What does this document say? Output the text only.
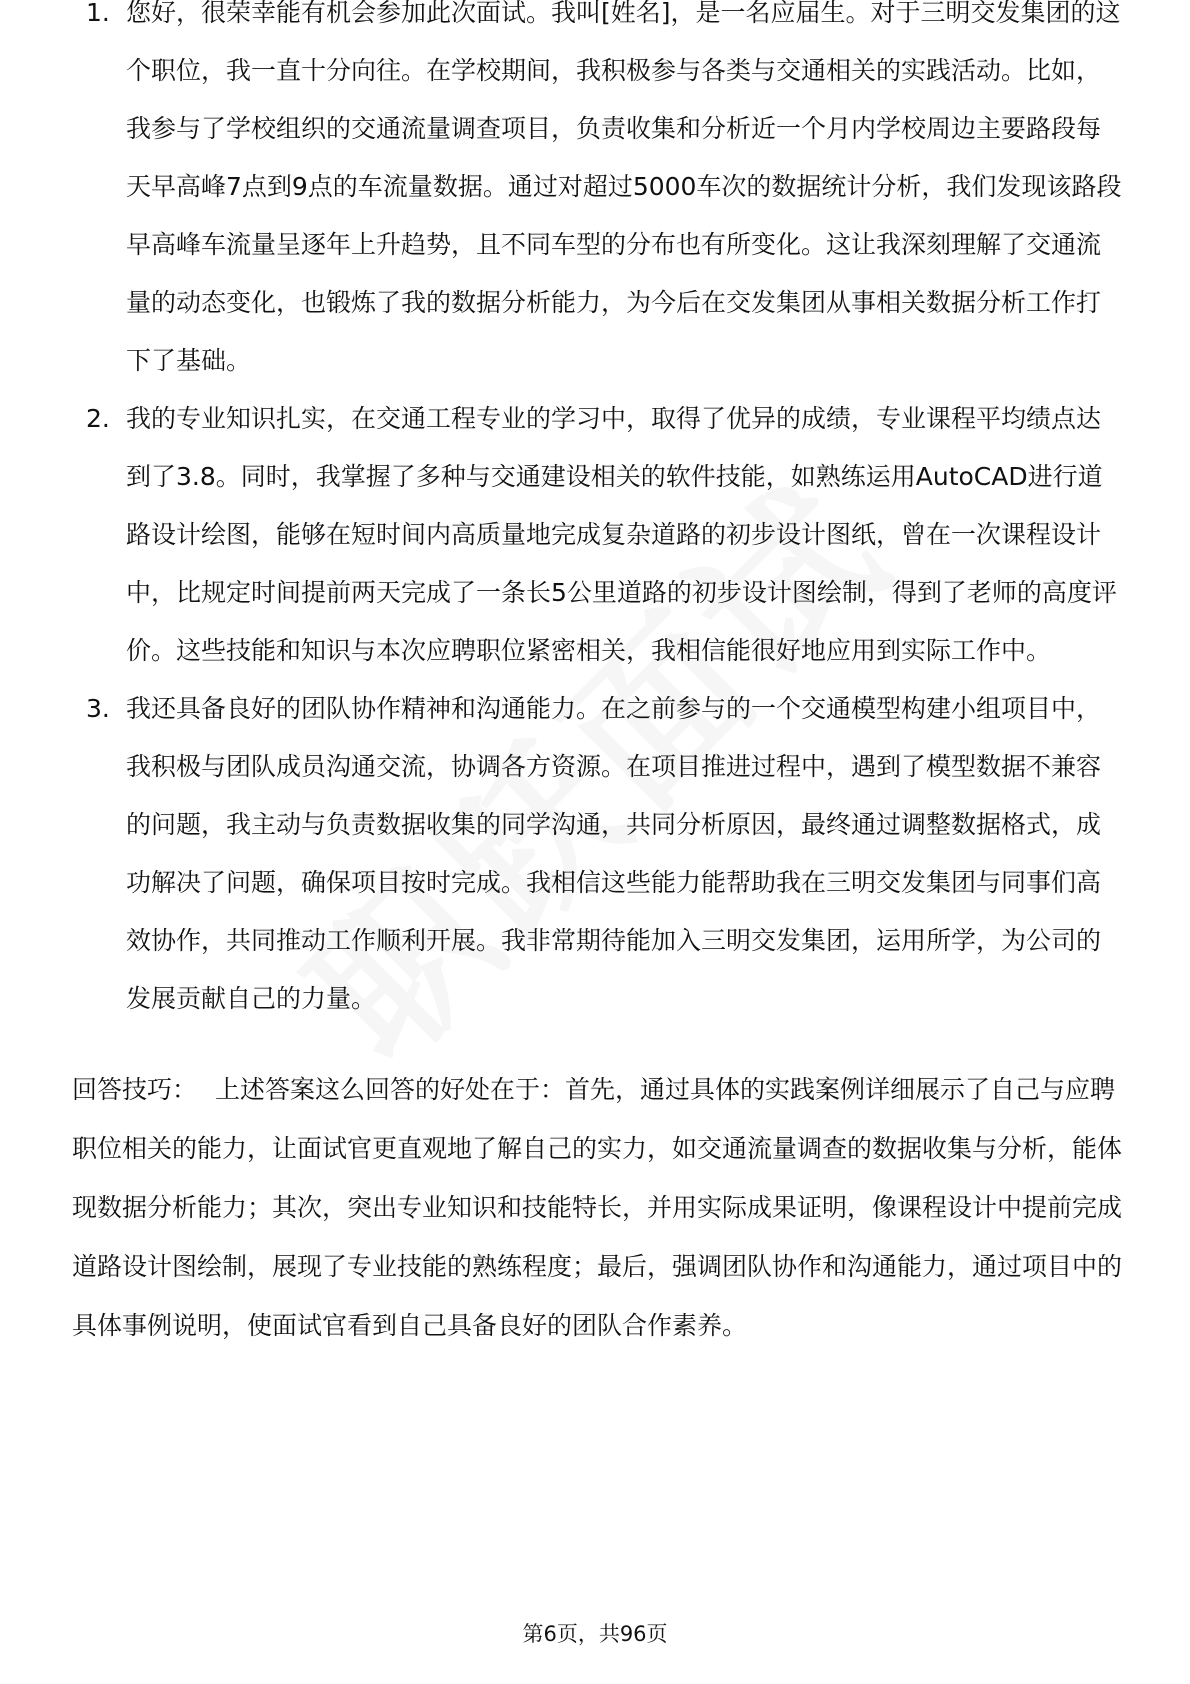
1. 您好，很荣幸能有机会参加此次面试。我叫[姓名]，是一名应届生。对于三明交发集团的这个职位，我一直十分向往。在学校期间，我积极参与各类与交通相关的实践活动。比如，我参与了学校组织的交通流量调查项目，负责收集和分析近一个月内学校周边主要路段每天早高峰7点到9点的车流量数据。通过对超过5000车次的数据统计分析，我们发现该路段早高峰车流量呈逐年上升趋势，且不同车型的分布也有所变化。这让我深刻理解了交通流量的动态变化，也锻炼了我的数据分析能力，为今后在交发集团从事相关数据分析工作打下了基础。
2. 我的专业知识扎实，在交通工程专业的学习中，取得了优异的成绩，专业课程平均绩点达到了3.8。同时，我掌握了多种与交通建设相关的软件技能，如熟练运用AutoCAD进行道路设计绘图，能够在短时间内高质量地完成复杂道路的初步设计图纸，曾在一次课程设计中，比规定时间提前两天完成了一条长5公里道路的初步设计图绘制，得到了老师的高度评价。这些技能和知识与本次应聘职位紧密相关，我相信能很好地应用到实际工作中。
3. 我还具备良好的团队协作精神和沟通能力。在之前参与的一个交通模型构建小组项目中，我积极与团队成员沟通交流，协调各方资源。在项目推进过程中，遇到了模型数据不兼容的问题，我主动与负责数据收集的同学沟通，共同分析原因，最终通过调整数据格式，成功解决了问题，确保项目按时完成。我相信这些能力能帮助我在三明交发集团与同事们高效协作，共同推动工作顺利开展。我非常期待能加入三明交发集团，运用所学，为公司的发展贡献自己的力量。
回答技巧： 上述答案这么回答的好处在于：首先，通过具体的实践案例详细展示了自己与应聘职位相关的能力，让面试官更直观地了解自己的实力，如交通流量调查的数据收集与分析，能体现数据分析能力；其次，突出专业知识和技能特长，并用实际成果证明，像课程设计中提前完成道路设计图绘制，展现了专业技能的熟练程度；最后，强调团队协作和沟通能力，通过项目中的具体事例说明，使面试官看到自己具备良好的团队合作素养。
第6页，共96页
